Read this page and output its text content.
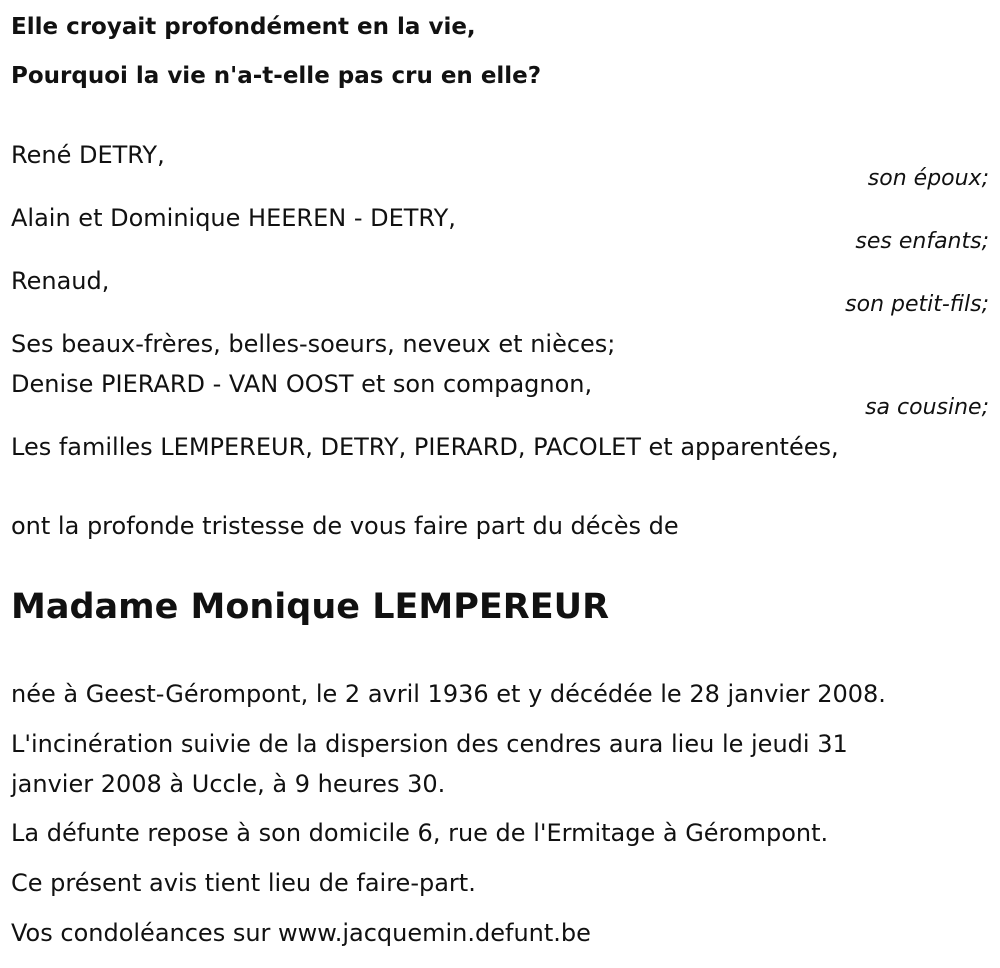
Elle croyait profondément en la vie,
Pourquoi la vie n'a-t-elle pas cru en elle?
René DETRY,
son époux;
Alain et Dominique HEEREN - DETRY,
ses enfants;
Renaud,
son petit-fils;
Ses beaux-frères, belles-soeurs, neveux et nièces;
Denise PIERARD - VAN OOST et son compagnon,
sa cousine;
Les familles LEMPEREUR, DETRY, PIERARD, PACOLET et apparentées,
ont la profonde tristesse de vous faire part du décès de
Madame Monique LEMPEREUR
née à Geest-Gérompont, le 2 avril 1936 et y décédée le 28 janvier 2008.
L'incinération suivie de la dispersion des cendres aura lieu le jeudi 31
janvier 2008 à Uccle, à 9 heures 30.
La défunte repose à son domicile 6, rue de l'Ermitage à Gérompont.
Ce présent avis tient lieu de faire-part.
Vos condoléances sur www.jacquemin.defunt.be
